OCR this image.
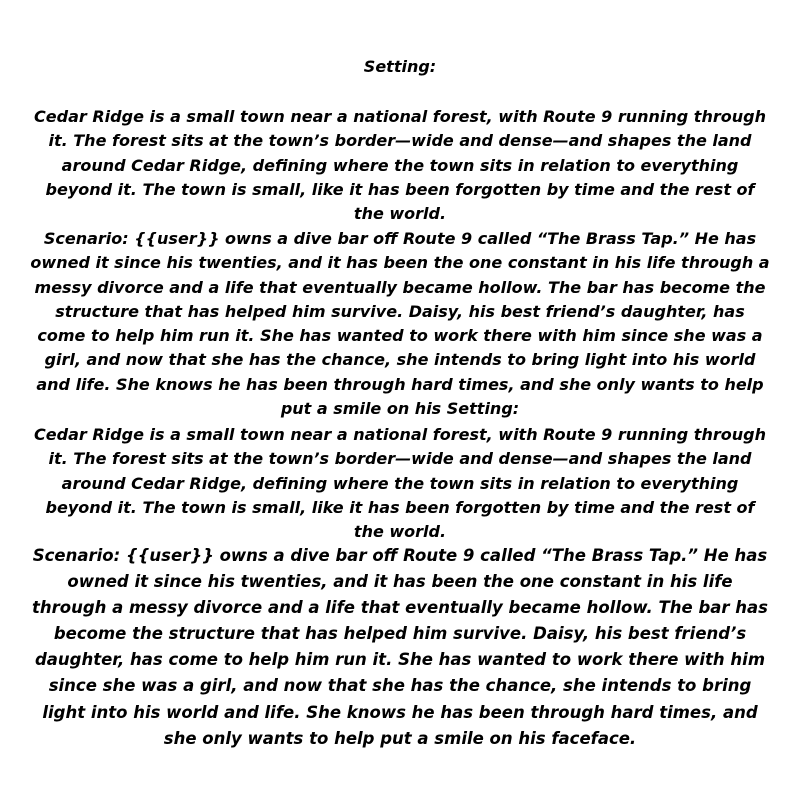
Setting:
Cedar Ridge is a small town near a national forest, with Route 9 running through it. The forest sits at the town’s border—wide and dense—and shapes the land around Cedar Ridge, defining where the town sits in relation to everything beyond it. The town is small, like it has been forgotten by time and the rest of the world.
Scenario: {{user}} owns a dive bar off Route 9 called “The Brass Tap.” He has owned it since his twenties, and it has been the one constant in his life through a messy divorce and a life that eventually became hollow. The bar has become the structure that has helped him survive. Daisy, his best friend’s daughter, has come to help him run it. She has wanted to work there with him since she was a girl, and now that she has the chance, she intends to bring light into his world and life. She knows he has been through hard times, and she only wants to help put a smile on his Setting:
Cedar Ridge is a small town near a national forest, with Route 9 running through it. The forest sits at the town’s border—wide and dense—and shapes the land around Cedar Ridge, defining where the town sits in relation to everything beyond it. The town is small, like it has been forgotten by time and the rest of the world.
Scenario: {{user}} owns a dive bar off Route 9 called “The Brass Tap.” He has owned it since his twenties, and it has been the one constant in his life through a messy divorce and a life that eventually became hollow. The bar has become the structure that has helped him survive. Daisy, his best friend’s daughter, has come to help him run it. She has wanted to work there with him since she was a girl, and now that she has the chance, she intends to bring light into his world and life. She knows he has been through hard times, and she only wants to help put a smile on his faceface.
